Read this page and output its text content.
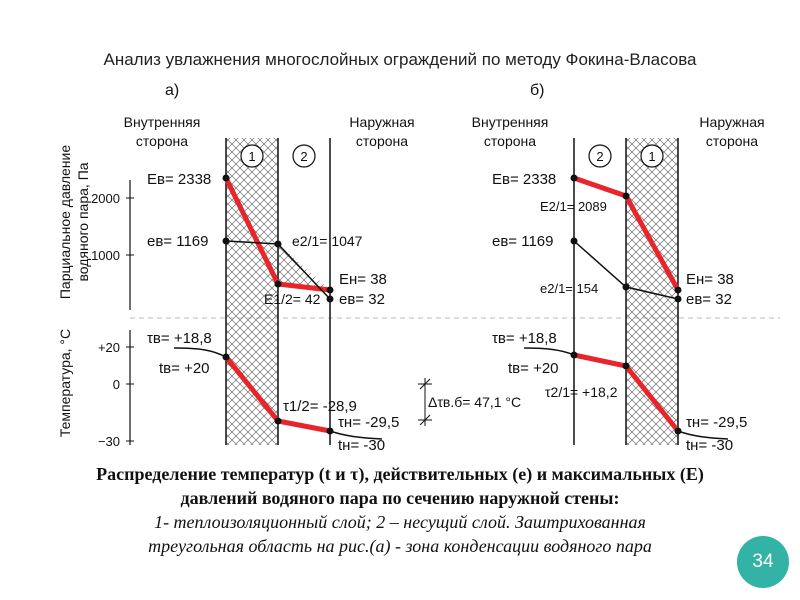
Анализ увлажнения многослойных ограждений по методу Фокина-Власова
а)
Внутренняя
сторона
Наружная
сторона
Парциальное давление водяного пара, Па
Температура, °С
2000
1000
+20
0
−30
1	2
Eв= 2338
eв= 1169	e2/1= 1047
Eн= 38
E1/2= 42 eв= 32
τв= +18,8
tв= +20
τ1/2= -28,9
τн= -29,5
tн= -30
б)
Внутренняя
сторона
Наружная
сторона
2	1
Eв= 2338
E2/1= 2089
eв= 1169
e2/1= 154
Eн= 38
eв= 32
τв= +18,8
tв= +20
τ2/1= +18,2
τн= -29,5
tн= -30
Δτв.б= 47,1 °С
Распределение температур (t и τ), действительных (e) и максимальных (E)
давлений водяного пара по сечению наружной стены:
1- теплоизоляционный слой; 2 – несущий слой. Заштрихованная
треугольная область на рис.(а) - зона конденсации водяного пара
34
